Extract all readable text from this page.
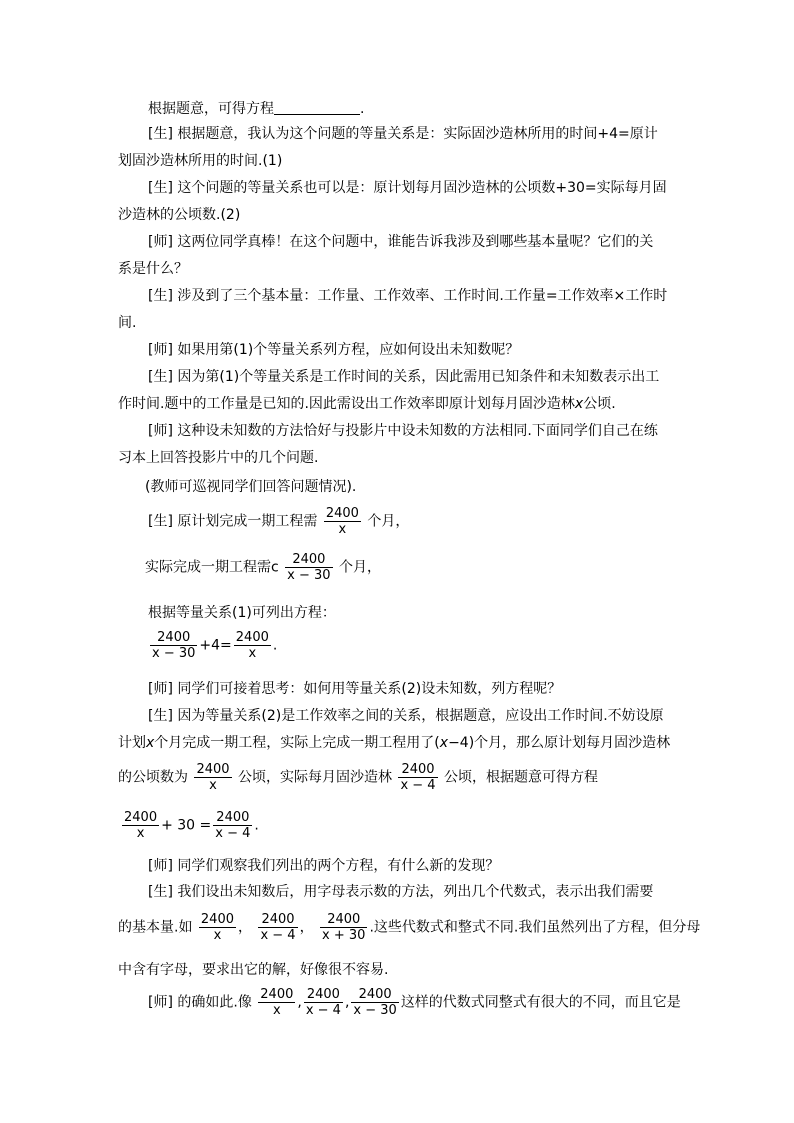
根据题意，可得方程	.
[生] 根据题意，我认为这个问题的等量关系是：实际固沙造林所用的时间+4=原计
划固沙造林所用的时间.(1)
[生] 这个问题的等量关系也可以是：原计划每月固沙造林的公顷数+30=实际每月固
沙造林的公顷数.(2)
[师] 这两位同学真棒！在这个问题中，谁能告诉我涉及到哪些基本量呢？它们的关
系是什么？
[生] 涉及到了三个基本量：工作量、工作效率、工作时间.工作量=工作效率×工作时
间.
[师] 如果用第(1)个等量关系列方程，应如何设出未知数呢？
[生] 因为第(1)个等量关系是工作时间的关系，因此需用已知条件和未知数表示出工
作时间.题中的工作量是已知的.因此需设出工作效率即原计划每月固沙造林x公顷.
[师] 这种设未知数的方法恰好与投影片中设未知数的方法相同.下面同学们自己在练
习本上回答投影片中的几个问题.
(教师可巡视同学们回答问题情况).
[生] 原计划完成一期工程需 $\frac{2400}{x}$ 个月，
实际完成一期工程需c $\frac{2400}{x - 30}$ 个月，
根据等量关系(1)可列出方程：
$\frac{2400}{x - 30} +4= \frac{2400}{x}$ .
[师] 同学们可接着思考：如何用等量关系(2)设未知数，列方程呢？
[生] 因为等量关系(2)是工作效率之间的关系，根据题意，应设出工作时间.不妨设原
计划x个月完成一期工程，实际上完成一期工程用了(x−4)个月，那么原计划每月固沙造林
的公顷数为 $\frac{2400}{x}$ 公顷，实际每月固沙造林 $\frac{2400}{x - 4}$ 公顷，根据题意可得方程
$\frac{2400}{x} + 30 = \frac{2400}{x - 4}$ .
[师] 同学们观察我们列出的两个方程，有什么新的发现？
[生] 我们设出未知数后，用字母表示数的方法，列出几个代数式，表示出我们需要
的基本量.如 $\frac{2400}{x}$ ， $\frac{2400}{x - 4}$ ， $\frac{2400}{x + 30}$ .这些代数式和整式不同.我们虽然列出了方程，但分母
中含有字母，要求出它的解，好像很不容易.
[师] 的确如此.像 $\frac{2400}{x}$ , $\frac{2400}{x - 4}$ , $\frac{2400}{x - 30}$ 这样的代数式同整式有很大的不同，而且它是
